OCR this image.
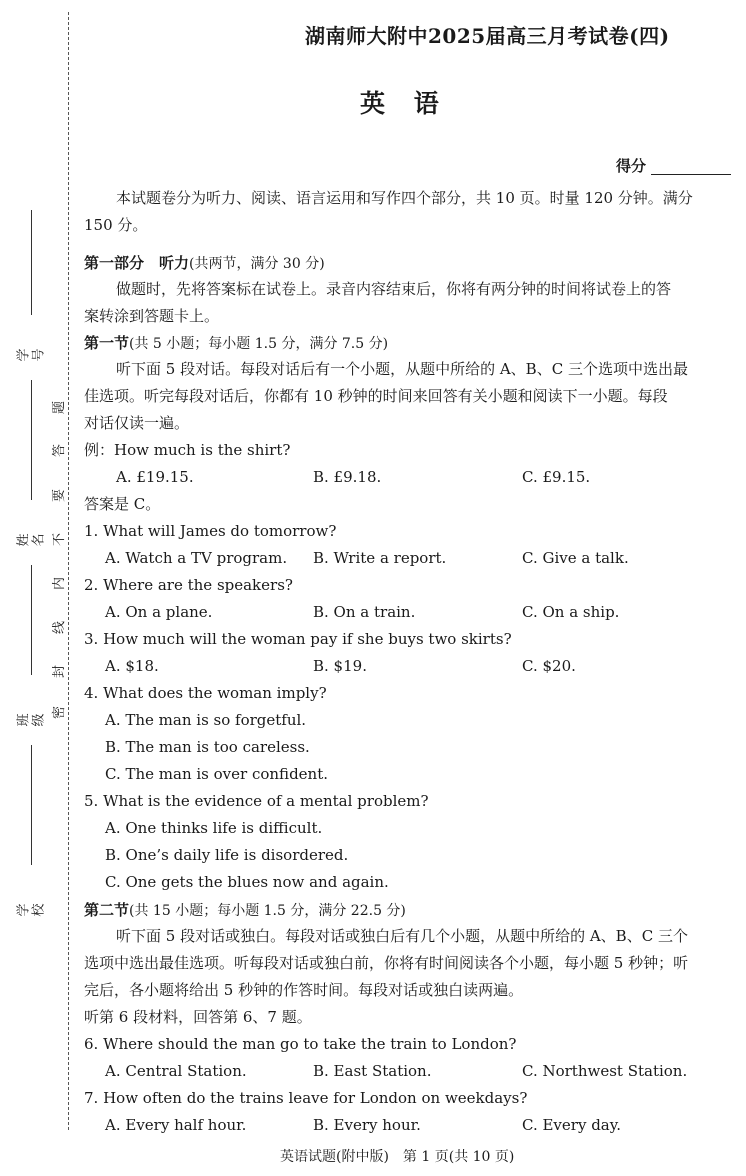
学 号
姓 名
班 级
学 校
题
答
要
不
内
线
封
密
湖南师大附中2025届高三月考试卷(四)
英 语
得分
本试题卷分为听力、阅读、语言运用和写作四个部分，共 10 页。时量 120 分钟。满分
150 分。
第一部分　听力(共两节，满分 30 分)
做题时，先将答案标在试卷上。录音内容结束后，你将有两分钟的时间将试卷上的答
案转涂到答题卡上。
第一节(共 5 小题；每小题 1.5 分，满分 7.5 分)
听下面 5 段对话。每段对话后有一个小题，从题中所给的 A、B、C 三个选项中选出最
佳选项。听完每段对话后，你都有 10 秒钟的时间来回答有关小题和阅读下一小题。每段
对话仅读一遍。
例：How much is the shirt?
A. £19.15.	B. £9.18.	C. £9.15.
答案是 C。
1. What will James do tomorrow?
A. Watch a TV program. B. Write a report.	C. Give a talk.
2. Where are the speakers?
A. On a plane.	B. On a train.	C. On a ship.
3. How much will the woman pay if she buys two skirts?
A. $18.	B. $19.	C. $20.
4. What does the woman imply?
A. The man is so forgetful.
B. The man is too careless.
C. The man is over confident.
5. What is the evidence of a mental problem?
A. One thinks life is difficult.
B. One’s daily life is disordered.
C. One gets the blues now and again.
第二节(共 15 小题；每小题 1.5 分，满分 22.5 分)
听下面 5 段对话或独白。每段对话或独白后有几个小题，从题中所给的 A、B、C 三个
选项中选出最佳选项。听每段对话或独白前，你将有时间阅读各个小题，每小题 5 秒钟；听
完后，各小题将给出 5 秒钟的作答时间。每段对话或独白读两遍。
听第 6 段材料，回答第 6、7 题。
6. Where should the man go to take the train to London?
A. Central Station.	B. East Station.	C. Northwest Station.
7. How often do the trains leave for London on weekdays?
A. Every half hour.	B. Every hour.	C. Every day.
英语试题(附中版)　第 1 页(共 10 页)
